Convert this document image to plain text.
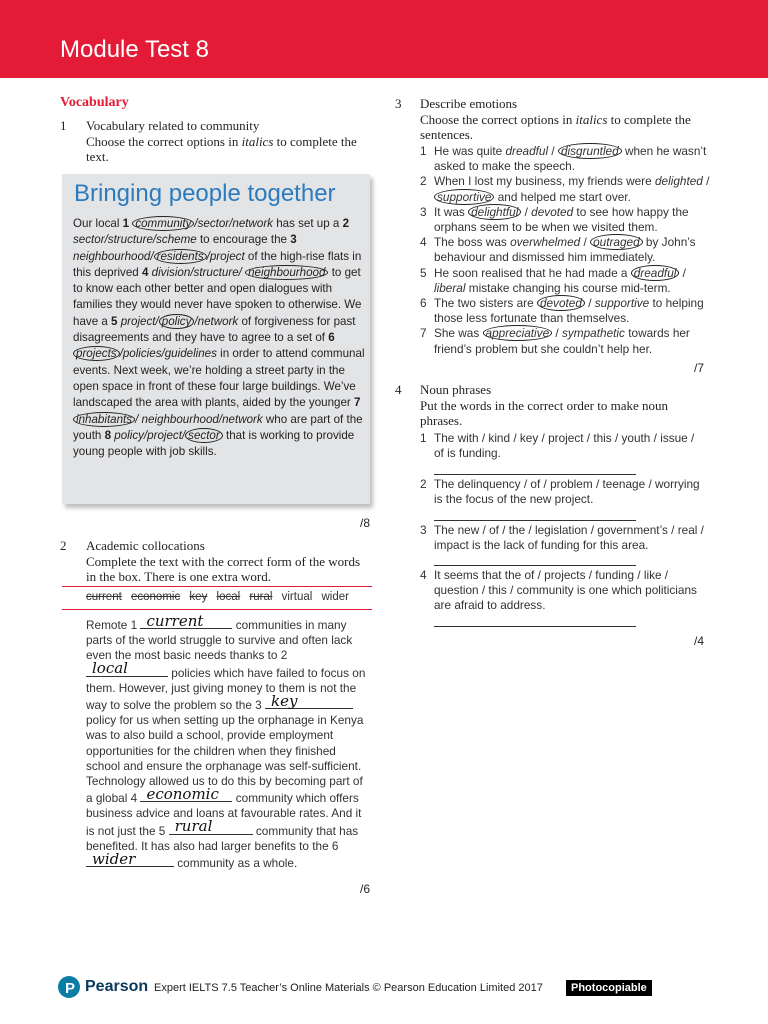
Module Test 8
Vocabulary
1 Vocabulary related to community

Choose the correct options in italics to complete the text.

Bringing people together

Our local 1 community /sector/network has set up a 2 sector/structure/scheme to encourage the 3 neighbourhood/ residents /project of the high-rise flats in this deprived 4 division/structure/ neighbourhood to get to know each other better and open dialogues with families they would never have spoken to otherwise. We have a 5 project/ policy /network of forgiveness for past disagreements and they have to agree to a set of 6 projects /policies/guidelines in order to attend communal events. Next week, we’re holding a street party in the open space in front of these four large buildings. We’ve landscaped the area with plants, aided by the younger 7 inhabitants / neighbourhood/network who are part of the youth 8 policy/project/ sector that is working to provide young people with job skills.

/8
2 Academic collocations

Complete the text with the correct form of the words in the box. There is one extra word.

current economic key local rural virtual wider

Remote 1 current communities in many parts of the world struggle to survive and often lack even the most basic needs thanks to 2
local	policies which have failed to focus on them. However, just giving money to them is not the way to solve the problem so the 3 key
policy for us when setting up the orphanage in Kenya was to also build a school, provide employment opportunities for the children when they finished school and ensure the orphanage was self-sufficient. Technology allowed us to do this by becoming part of a global 4 economic community which offers business advice and loans at favourable rates. And it is not just the 5 rural	community that has benefited. It has also had larger benefits to the 6
wider	community as a whole.

/6
3 Describe emotions

Choose the correct options in italics to complete the sentences.

1 He was quite dreadful / disgruntled when he wasn’t asked to make the speech.
2 When I lost my business, my friends were delighted / supportive and helped me start over.
3 It was delightful / devoted to see how happy the orphans seem to be when we visited them.
4 The boss was overwhelmed / outraged by John’s behaviour and dismissed him immediately.
5 He soon realised that he had made a dreadful / liberal mistake changing his course mid-term.
6 The two sisters are devoted / supportive to helping those less fortunate than themselves.
7 She was appreciative / sympathetic towards her friend’s problem but she couldn’t help her.
/7
4 Noun phrases

Put the words in the correct order to make noun phrases.

1 The with / kind / key / project / this / youth / issue / of is funding.
2 The delinquency / of / problem / teenage / worrying is the focus of the new project.
3 The new / of / the / legislation / government’s / real / impact is the lack of funding for this area.
4 It seems that the of / projects / funding / like / question / this / community is one which politicians are afraid to address.
/4
P Pearson Expert IELTS 7.5 Teacher’s Online Materials © Pearson Education Limited 2017	Photocopiable
